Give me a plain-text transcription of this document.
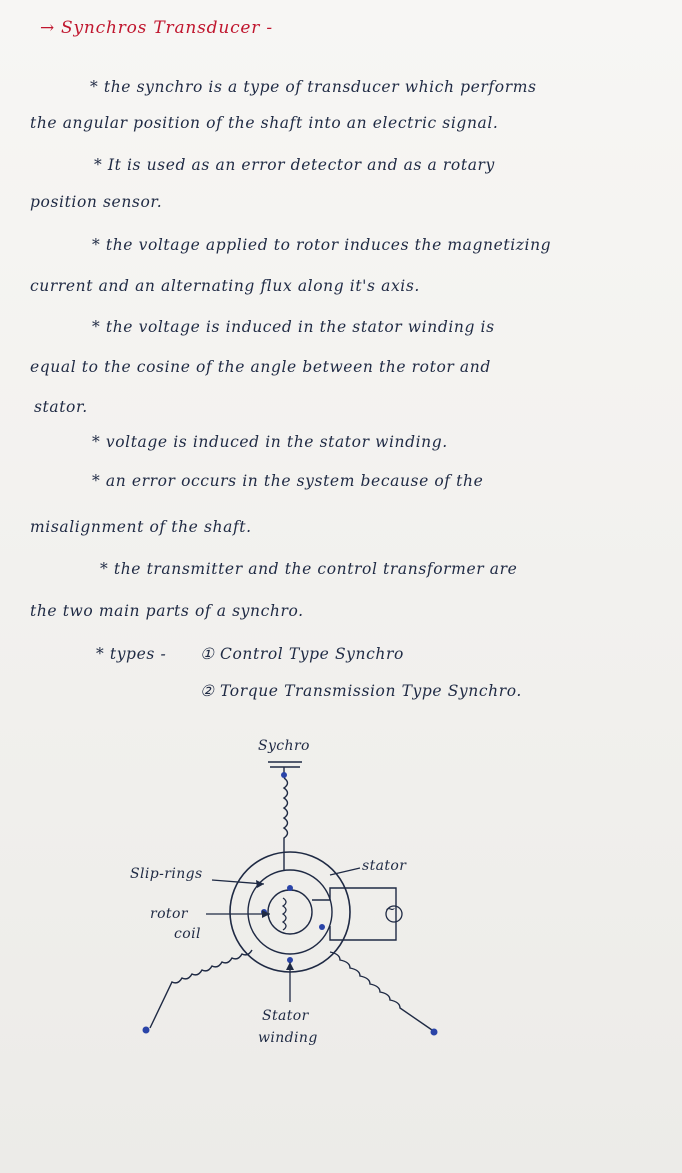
→ Synchros Transducer -
* the synchro is a type of transducer which performs
the angular position of the shaft into an electric signal.
* It is used as an error detector and as a rotary
position sensor.
* the voltage applied to rotor induces the magnetizing
current and an alternating flux along it's axis.
* the voltage is induced in the stator winding is
equal to the cosine of the angle between the rotor and
stator.
* voltage is induced in the stator winding.
* an error occurs in the system because of the
misalignment of the shaft.
* the transmitter and the control transformer are
the two main parts of a synchro.
* types - ① Control Type Synchro
② Torque Transmission Type Synchro.
Sychro
Slip-rings	stator
rotor
coil
~
Stator
winding
